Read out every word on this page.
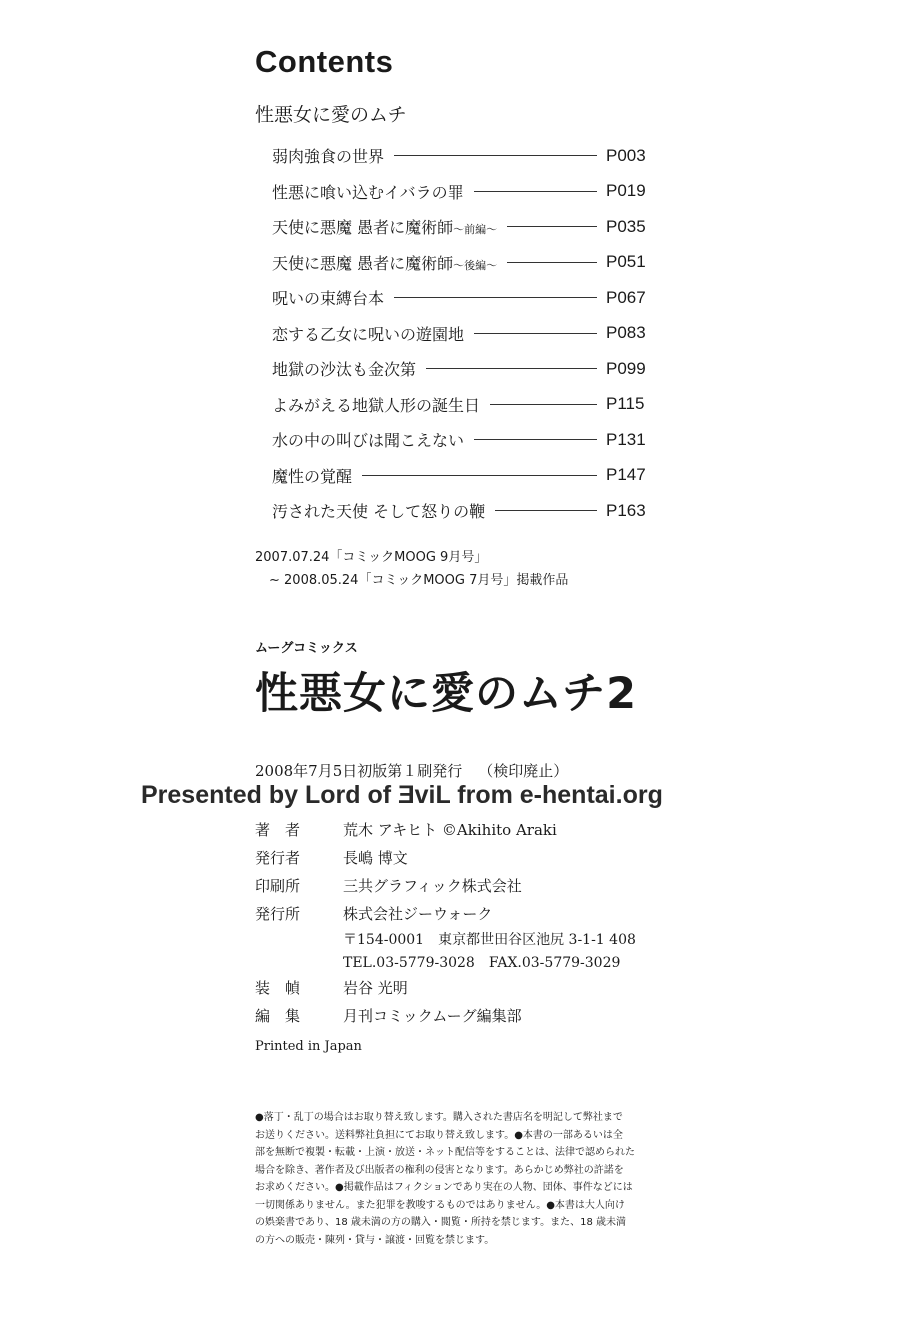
Contents
性悪女に愛のムチ
弱肉強食の世界	P003
性悪に喰い込むイバラの罪	P019
天使に悪魔 愚者に魔術師～前編～	P035
天使に悪魔 愚者に魔術師～後編～	P051
呪いの束縛台本	P067
恋する乙女に呪いの遊園地	P083
地獄の沙汰も金次第	P099
よみがえる地獄人形の誕生日	P115
水の中の叫びは聞こえない	P131
魔性の覚醒	P147
汚された天使 そして怒りの鞭	P163
2007.07.24「コミックMOOG 9月号」
~ 2008.05.24「コミックMOOG 7月号」掲載作品
ムーグコミックス
性悪女に愛のムチ2
2008年7月5日初版第１刷発行 （検印廃止）
Presented by Lord of ƎviL from e-hentai.org
著　者	荒木 アキヒト ©Akihito Araki
発行者	長嶋 博文
印刷所	三共グラフィック株式会社
発行所	株式会社ジーウォーク
〒154-0001　東京都世田谷区池尻 3-1-1 408
TEL.03-5779-3028　FAX.03-5779-3029
装　幀	岩谷 光明
編　集	月刊コミックムーグ編集部
Printed in Japan
●落丁・乱丁の場合はお取り替え致します。購入された書店名を明記して弊社まで
お送りください。送料弊社負担にてお取り替え致します。●本書の一部あるいは全
部を無断で複製・転載・上演・放送・ネット配信等をすることは、法律で認められた
場合を除き、著作者及び出版者の権利の侵害となります。あらかじめ弊社の許諾を
お求めください。●掲載作品はフィクションであり実在の人物、団体、事件などには
一切関係ありません。また犯罪を教唆するものではありません。●本書は大人向け
の娯楽書であり、18 歳未満の方の購入・閲覧・所持を禁じます。また、18 歳未満
の方への販売・陳列・貸与・譲渡・回覧を禁じます。
